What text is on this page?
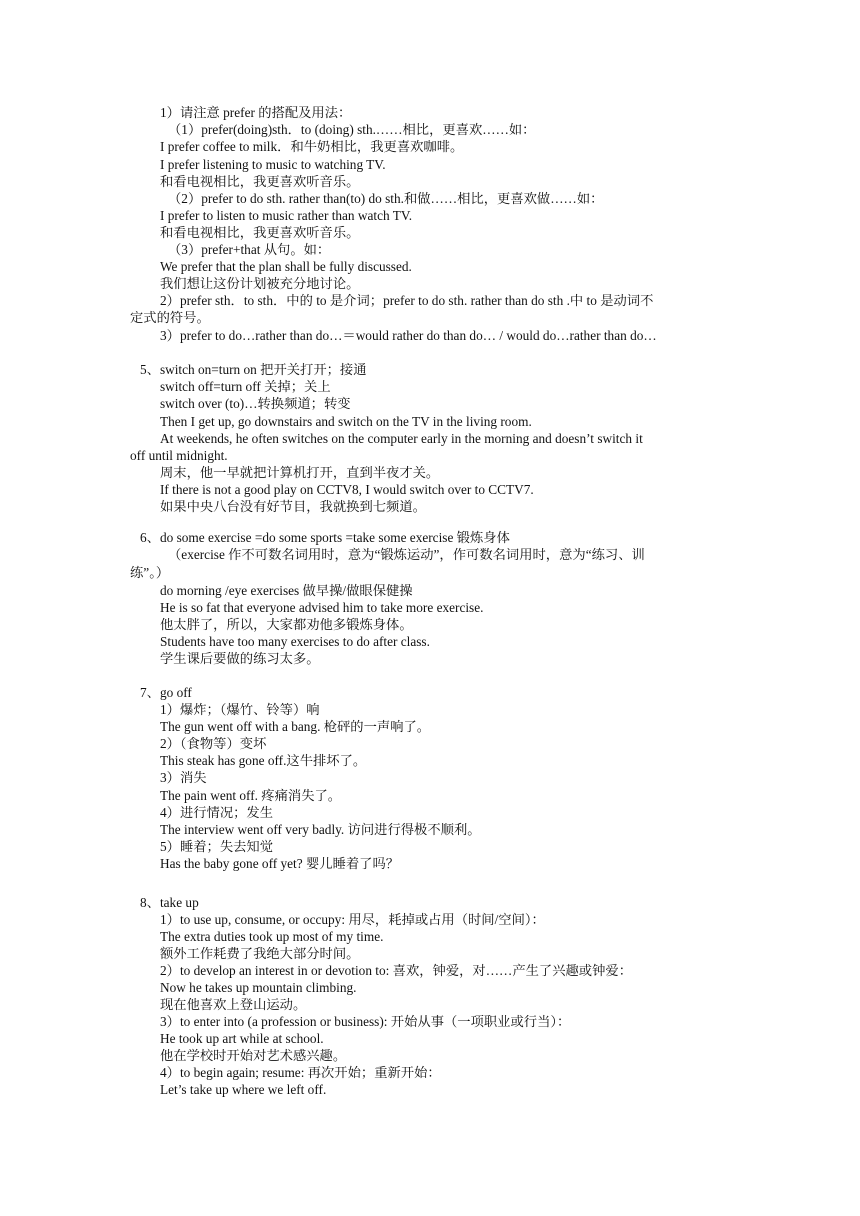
1）请注意 prefer 的搭配及用法：
（1）prefer(doing)sth．to (doing) sth.……相比，更喜欢……如：
I prefer coffee to milk．和牛奶相比，我更喜欢咖啡。
I prefer listening to music to watching TV.
和看电视相比，我更喜欢听音乐。
（2）prefer to do sth. rather than(to) do sth.和做……相比，更喜欢做……如：
I prefer to listen to music rather than watch TV.
和看电视相比，我更喜欢听音乐。
（3）prefer+that 从句。如：
We prefer that the plan shall be fully discussed.
我们想让这份计划被充分地讨论。
2）prefer sth．to sth．中的 to 是介词；prefer to do sth. rather than do sth .中 to 是动词不
定式的符号。
3）prefer to do…rather than do…＝would rather do than do… / would do…rather than do…
5、switch on=turn on 把开关打开；接通
switch off=turn off 关掉；关上
switch over (to)…转换频道；转变
Then I get up, go downstairs and switch on the TV in the living room.
At weekends, he often switches on the computer early in the morning and doesn’t switch it
off until midnight.
周末，他一早就把计算机打开，直到半夜才关。
If there is not a good play on CCTV8, I would switch over to CCTV7.
如果中央八台没有好节目，我就换到七频道。
6、do some exercise =do some sports =take some exercise 锻炼身体
（exercise 作不可数名词用时，意为“锻炼运动”，作可数名词用时，意为“练习、训
练”。）
do morning /eye exercises 做早操/做眼保健操
He is so fat that everyone advised him to take more exercise.
他太胖了，所以，大家都劝他多锻炼身体。
Students have too many exercises to do after class.
学生课后要做的练习太多。
7、go off
1）爆炸；（爆竹、铃等）响
The gun went off with a bang. 枪砰的一声响了。
2）（食物等）变坏
This steak has gone off.这牛排坏了。
3）消失
The pain went off. 疼痛消失了。
4）进行情况；发生
The interview went off very badly. 访问进行得极不顺利。
5）睡着；失去知觉
Has the baby gone off yet? 婴儿睡着了吗？
8、take up
1）to use up, consume, or occupy: 用尽，耗掉或占用（时间/空间）：
The extra duties took up most of my time.
额外工作耗费了我绝大部分时间。
2）to develop an interest in or devotion to: 喜欢，钟爱，对……产生了兴趣或钟爱：
Now he takes up mountain climbing.
现在他喜欢上登山运动。
3）to enter into (a profession or business): 开始从事（一项职业或行当）：
He took up art while at school.
他在学校时开始对艺术感兴趣。
4）to begin again; resume: 再次开始；重新开始：
Let’s take up where we left off.
